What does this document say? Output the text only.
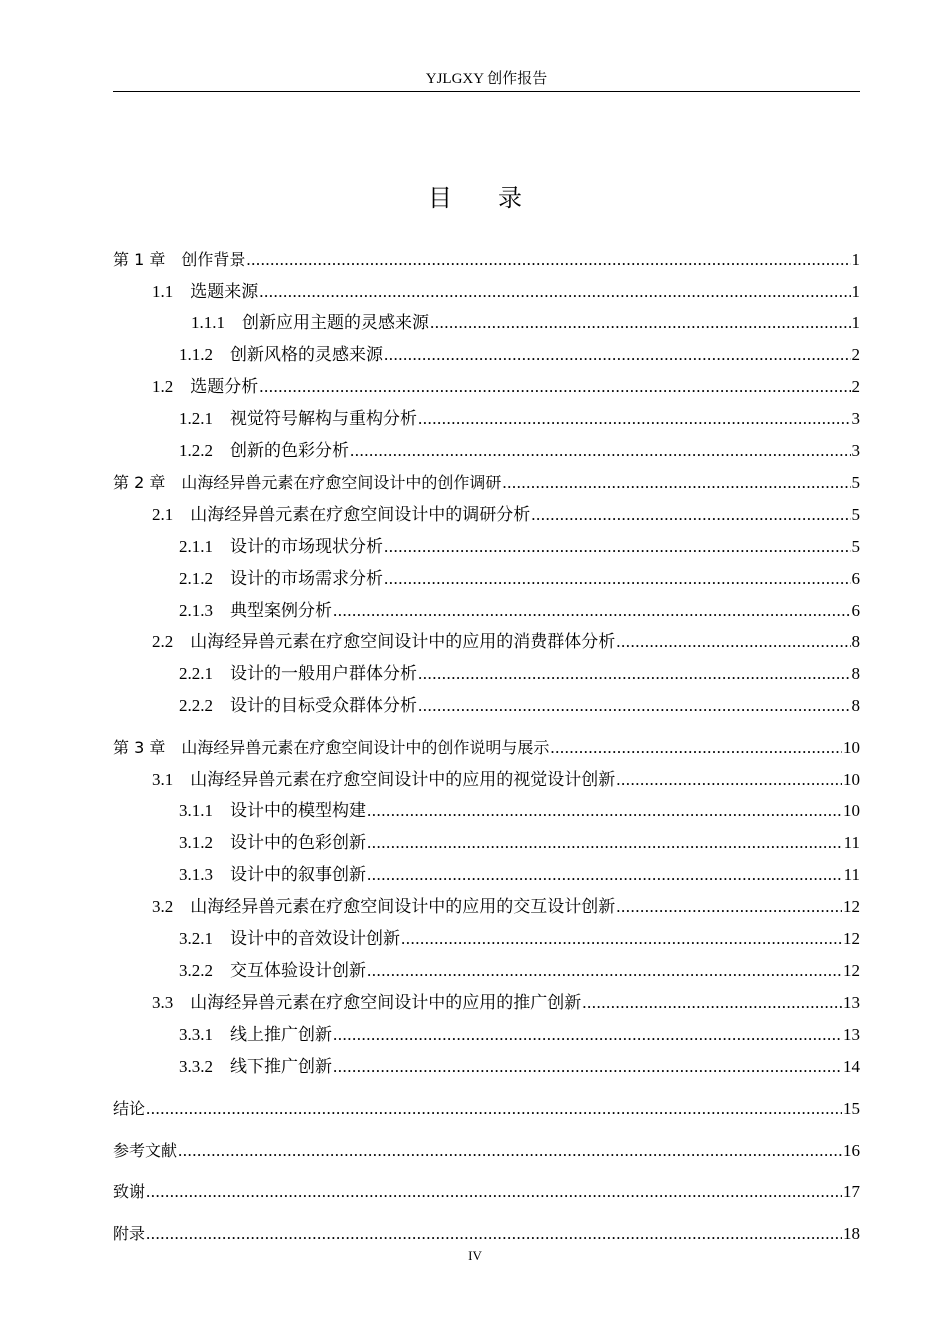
YJLGXY 创作报告
目录
第 1 章　 创作背景 .....	1
1.1　 选题来源 .....	1
1.1.1　 创新应用主题的灵感来源 .....	1
1.1.2　 创新风格的灵感来源 .....	2
1.2　 选题分析 .....	2
1.2.1　 视觉符号解构与重构分析 .....	3
1.2.2　 创新的色彩分析 .....	3
第 2 章　 山海经异兽元素在疗愈空间设计中的创作调研 .....	5
2.1　 山海经异兽元素在疗愈空间设计中的调研分析 .....	5
2.1.1　 设计的市场现状分析 .....	5
2.1.2　 设计的市场需求分析 .....	6
2.1.3　 典型案例分析 .....	6
2.2　 山海经异兽元素在疗愈空间设计中的应用的消费群体分析 .....	8
2.2.1　 设计的一般用户群体分析 .....	8
2.2.2　 设计的目标受众群体分析 .....	8
第 3 章　 山海经异兽元素在疗愈空间设计中的创作说明与展示 .....	10
3.1　 山海经异兽元素在疗愈空间设计中的应用的视觉设计创新 .....	10
3.1.1　 设计中的模型构建 .....	10
3.1.2　 设计中的色彩创新 .....	11
3.1.3　 设计中的叙事创新 .....	11
3.2　 山海经异兽元素在疗愈空间设计中的应用的交互设计创新 .....	12
3.2.1　 设计中的音效设计创新 .....	12
3.2.2　 交互体验设计创新 .....	12
3.3　 山海经异兽元素在疗愈空间设计中的应用的推广创新 .....	13
3.3.1　 线上推广创新 .....	13
3.3.2　 线下推广创新 .....	14
结论 .....	15
参考文献 .....	16
致谢 .....	17
附录 .....	18
IV
